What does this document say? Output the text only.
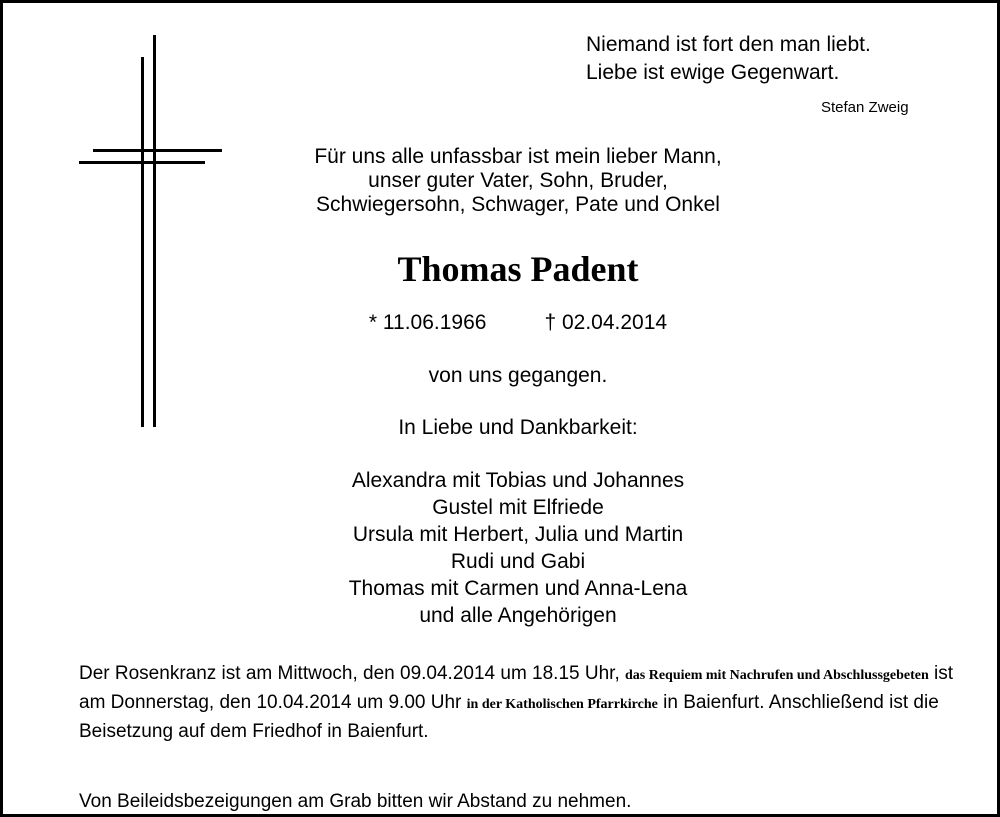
Niemand ist fort den man liebt.
Liebe ist ewige Gegenwart.
Stefan Zweig
Für uns alle unfassbar ist mein lieber Mann,
unser guter Vater, Sohn, Bruder,
Schwiegersohn, Schwager, Pate und Onkel
Thomas Padent
* 11.06.1966	† 02.04.2014
von uns gegangen.
In Liebe und Dankbarkeit:
Alexandra mit Tobias und Johannes
Gustel mit Elfriede
Ursula mit Herbert, Julia und Martin
Rudi und Gabi
Thomas mit Carmen und Anna-Lena
und alle Angehörigen
Der Rosenkranz ist am Mittwoch, den 09.04.2014 um 18.15 Uhr, das Requiem mit Nachrufen und Abschlussgebeten ist am Donnerstag, den 10.04.2014 um 9.00 Uhr in der Katholischen Pfarrkirche in Baienfurt. Anschließend ist die Beisetzung auf dem Friedhof in Baienfurt.
Von Beileidsbezeigungen am Grab bitten wir Abstand zu nehmen.
